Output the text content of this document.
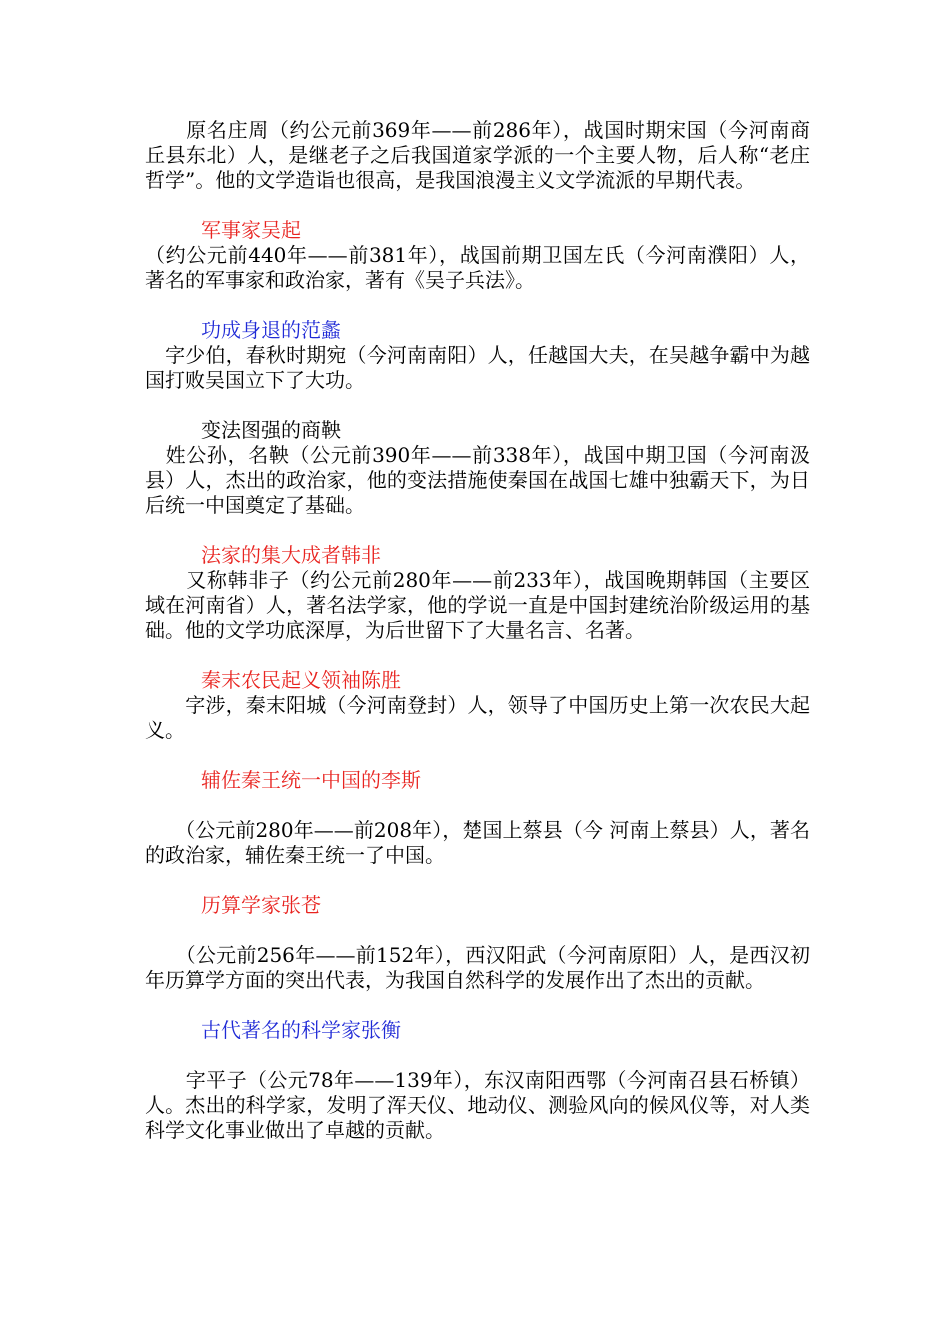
　　原名庄周（约公元前369年——前286年），战国时期宋国（今河南商丘县东北）人，是继老子之后我国道家学派的一个主要人物，后人称“老庄哲学”。他的文学造诣也很高，是我国浪漫主义文学流派的早期代表。

军事家吴起

（约公元前440年——前381年），战国前期卫国左氏（今河南濮阳）人，著名的军事家和政治家，著有《吴子兵法》。

功成身退的范蠡

　字少伯，春秋时期宛（今河南南阳）人，任越国大夫，在吴越争霸中为越国打败吴国立下了大功。

变法图强的商鞅

　姓公孙，名鞅（公元前390年——前338年），战国中期卫国（今河南汲县）人，杰出的政治家，他的变法措施使秦国在战国七雄中独霸天下，为日后统一中国奠定了基础。

法家的集大成者韩非

　　又称韩非子（约公元前280年——前233年），战国晚期韩国（主要区域在河南省）人，著名法学家，他的学说一直是中国封建统治阶级运用的基础。他的文学功底深厚，为后世留下了大量名言、名著。

秦末农民起义领袖陈胜

　　字涉，秦末阳城（今河南登封）人，领导了中国历史上第一次农民大起义。

辅佐秦王统一中国的李斯

　　（公元前280年——前208年），楚国上蔡县（今 河南上蔡县）人，著名的政治家，辅佐秦王统一了中国。

历算学家张苍

　　（公元前256年——前152年），西汉阳武（今河南原阳）人，是西汉初年历算学方面的突出代表，为我国自然科学的发展作出了杰出的贡献。

古代著名的科学家张衡

　　字平子（公元78年——139年），东汉南阳西鄂（今河南召县石桥镇）人。杰出的科学家，发明了浑天仪、地动仪、测验风向的候风仪等，对人类科学文化事业做出了卓越的贡献。
